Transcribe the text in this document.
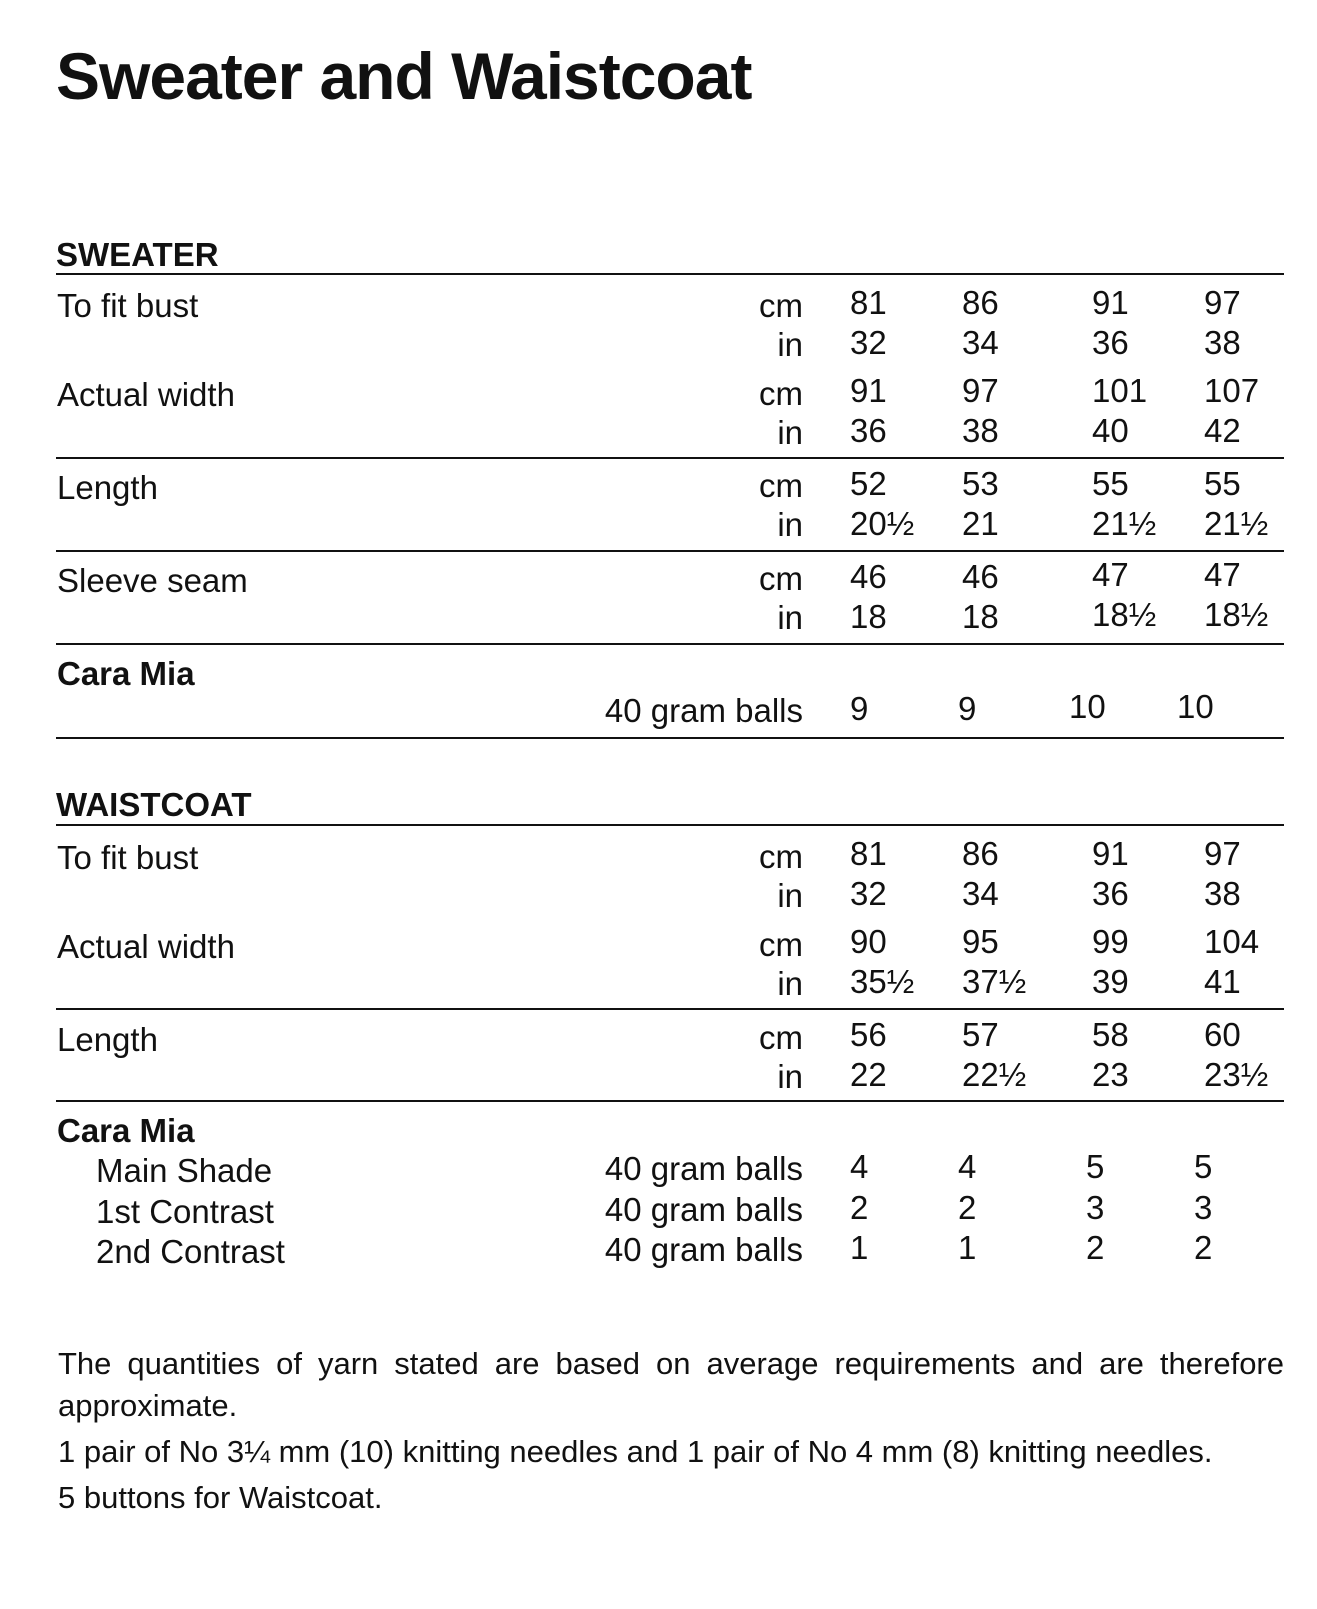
Sweater and Waistcoat
SWEATER
To fit bust	cm 81 86	91 97
in 32 34	36 38
Actual width	cm 91 97	101 107
in 36 38	40 42
Length	cm 52 53	55 55
in 20½ 21	21½ 21½
Sleeve seam	cm 46 46	47 47
in 18 18	18½ 18½
Cara Mia
40 gram balls 9	9	10 10
WAISTCOAT
To fit bust	cm 81 86	91 97
in 32 34	36 38
Actual width	cm 90 95	99 104
in 35½ 37½ 39 41
Length	cm 56 57	58 60
in 22 22½ 23 23½
Cara Mia
Main Shade	40 gram balls 4	4	5	5
1st Contrast	40 gram balls 2	2	3	3
2nd Contrast	40 gram balls 1	1	2	2

The quantities of yarn stated are based on average requirements and are therefore approximate.

1 pair of No 3¼ mm (10) knitting needles and 1 pair of No 4 mm (8) knitting needles.

5 buttons for Waistcoat.
